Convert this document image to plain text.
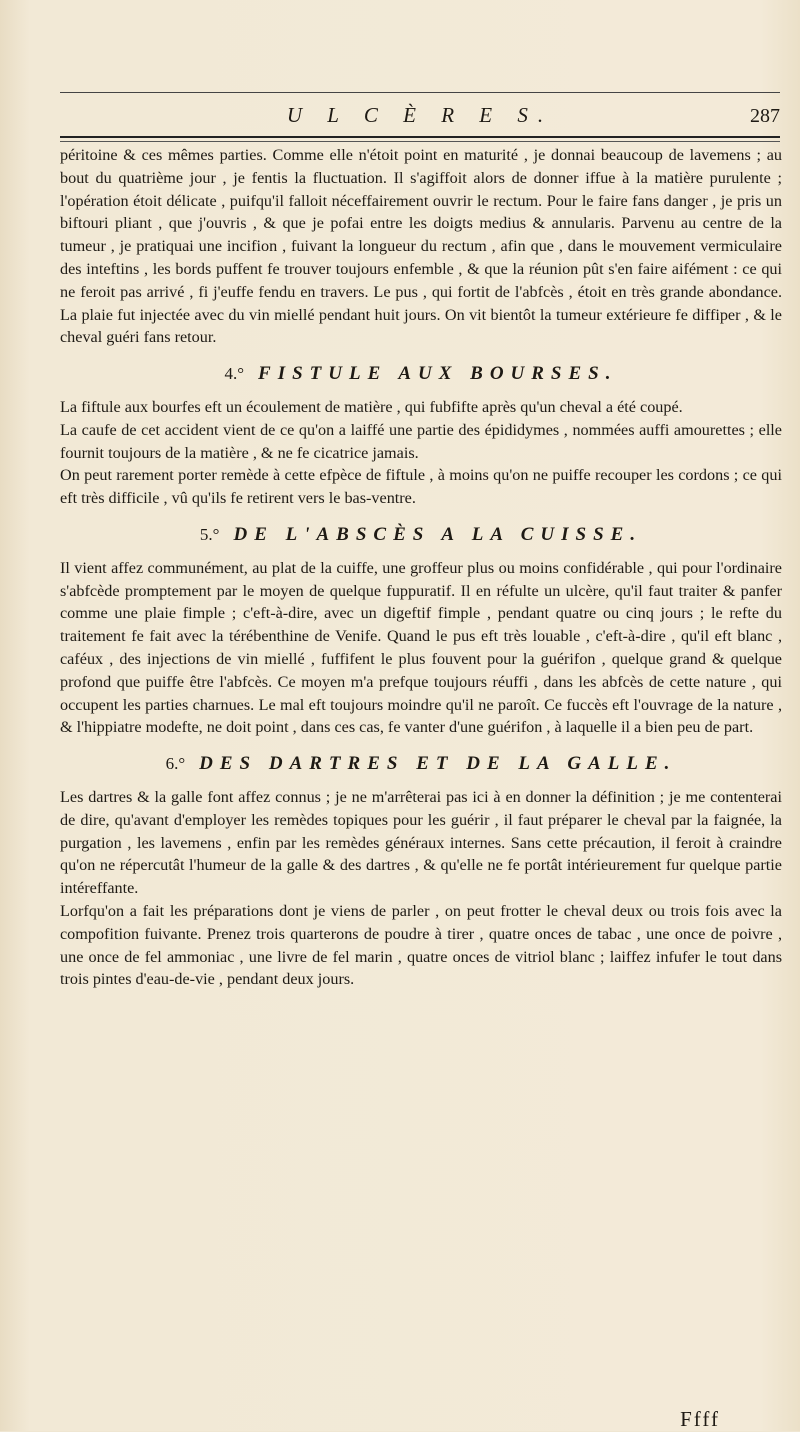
U L C È R E S.	287

péritoine & ces mêmes parties. Comme elle n'étoit point en maturité , je donnai beaucoup de lavemens ; au bout du quatrième jour , je fentis la fluctuation. Il s'agiffoit alors de donner iffue à la matière purulente ; l'opération étoit délicate , puifqu'il falloit néceffairement ouvrir le rectum. Pour le faire fans danger , je pris un biftouri pliant , que j'ouvris , & que je pofai entre les doigts medius & annularis. Parvenu au centre de la tumeur , je pratiquai une incifion , fuivant la longueur du rectum , afin que , dans le mouvement vermiculaire des inteftins , les bords puffent fe trouver toujours enfemble , & que la réunion pût s'en faire aifément : ce qui ne feroit pas arrivé , fi j'euffe fendu en travers. Le pus , qui fortit de l'abfcès , étoit en très grande abondance. La plaie fut injectée avec du vin miellé pendant huit jours. On vit bientôt la tumeur extérieure fe diffiper , & le cheval guéri fans retour.

4.° FISTULE AUX BOURSES.

La fiftule aux bourfes eft un écoulement de matière , qui fubfifte après qu'un cheval a été coupé.

La caufe de cet accident vient de ce qu'on a laiffé une partie des épididymes , nommées auffi amourettes ; elle fournit toujours de la matière , & ne fe cicatrice jamais.

On peut rarement porter remède à cette efpèce de fiftule , à moins qu'on ne puiffe recouper les cordons ; ce qui eft très difficile , vû qu'ils fe retirent vers le bas-ventre.

5.° DE L'ABSCÈS A LA CUISSE.

Il vient affez communément, au plat de la cuiffe, une groffeur plus ou moins confidérable , qui pour l'ordinaire s'abfcède promptement par le moyen de quelque fuppuratif. Il en réfulte un ulcère, qu'il faut traiter & panfer comme une plaie fimple ; c'eft-à-dire, avec un digeftif fimple , pendant quatre ou cinq jours ; le refte du traitement fe fait avec la térébenthine de Venife. Quand le pus eft très louable , c'eft-à-dire , qu'il eft blanc , caféux , des injections de vin miellé , fuffifent le plus fouvent pour la guérifon , quelque grand & quelque profond que puiffe être l'abfcès. Ce moyen m'a prefque toujours réuffi , dans les abfcès de cette nature , qui occupent les parties charnues. Le mal eft toujours moindre qu'il ne paroît. Ce fuccès eft l'ouvrage de la nature , & l'hippiatre modefte, ne doit point , dans ces cas, fe vanter d'une guérifon , à laquelle il a bien peu de part.

6.° DES DARTRES ET DE LA GALLE.

Les dartres & la galle font affez connus ; je ne m'arrêterai pas ici à en donner la définition ; je me contenterai de dire, qu'avant d'employer les remèdes topiques pour les guérir , il faut préparer le cheval par la faignée, la purgation , les lavemens , enfin par les remèdes généraux internes. Sans cette précaution, il feroit à craindre qu'on ne répercutât l'humeur de la galle & des dartres , & qu'elle ne fe portât intérieurement fur quelque partie intéreffante.

Lorfqu'on a fait les préparations dont je viens de parler , on peut frotter le cheval deux ou trois fois avec la compofition fuivante. Prenez trois quarterons de poudre à tirer , quatre onces de tabac , une once de poivre , une once de fel ammoniac , une livre de fel marin , quatre onces de vitriol blanc ; laiffez infufer le tout dans trois pintes d'eau-de-vie , pendant deux jours.

Ffff
